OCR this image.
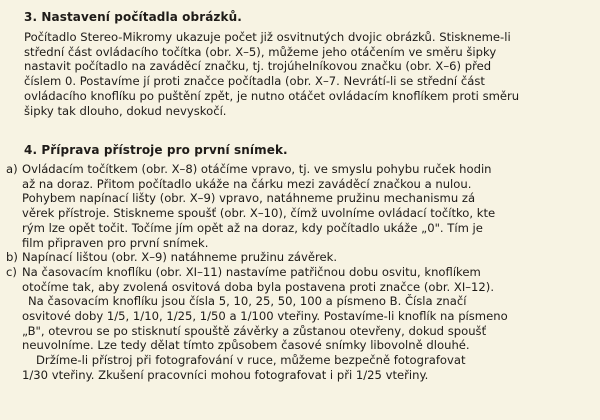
3. Nastavení počítadla obrázků.
Počítadlo Stereo-Mikromy ukazuje počet již osvitnutých dvojic obrázků. Stiskneme-li
střední část ovládacího točítka (obr. X–5), můžeme jeho otáčením ve směru šipky
nastavit počítadlo na zaváděcí značku, tj. trojúhelníkovou značku (obr. X–6) před
číslem 0. Postavíme jí proti značce počítadla (obr. X–7. Nevrátí-li se střední část
ovládacího knoflíku po puštění zpět, je nutno otáčet ovládacím knoflíkem proti směru
šipky tak dlouho, dokud nevyskočí.
4. Příprava přístroje pro první snímek.
a) Ovládacím točítkem (obr. X–8) otáčíme vpravo, tj. ve smyslu pohybu ruček hodin
až na doraz. Přitom počítadlo ukáže na čárku mezi zaváděcí značkou a nulou.
Pohybem napínací lišty (obr. X–9) vpravo, natáhneme pružinu mechanismu zá
věrek přístroje. Stiskneme spoušť (obr. X–10), čímž uvolníme ovládací točítko, kte
rým lze opět točit. Točíme jím opět až na doraz, kdy počítadlo ukáže „0". Tím je
film připraven pro první snímek.
b) Napínací lištou (obr. X–9) natáhneme pružinu závěrek.
c) Na časovacím knoflíku (obr. XI–11) nastavíme patřičnou dobu osvitu, knoflíkem
otočíme tak, aby zvolená osvitová doba byla postavena proti značce (obr. XI–12).
Na časovacím knoflíku jsou čísla 5, 10, 25, 50, 100 a písmeno B. Čísla značí
osvitové doby 1/5, 1/10, 1/25, 1/50 a 1/100 vteřiny. Postavíme-li knoflík na písmeno
„B", otevrou se po stisknutí spouště závěrky a zůstanou otevřeny, dokud spoušť
neuvolníme. Lze tedy dělat tímto způsobem časové snímky libovolně dlouhé.
Držíme-li přístroj při fotografování v ruce, můžeme bezpečně fotografovat
1/30 vteřiny. Zkušení pracovníci mohou fotografovat i při 1/25 vteřiny.
